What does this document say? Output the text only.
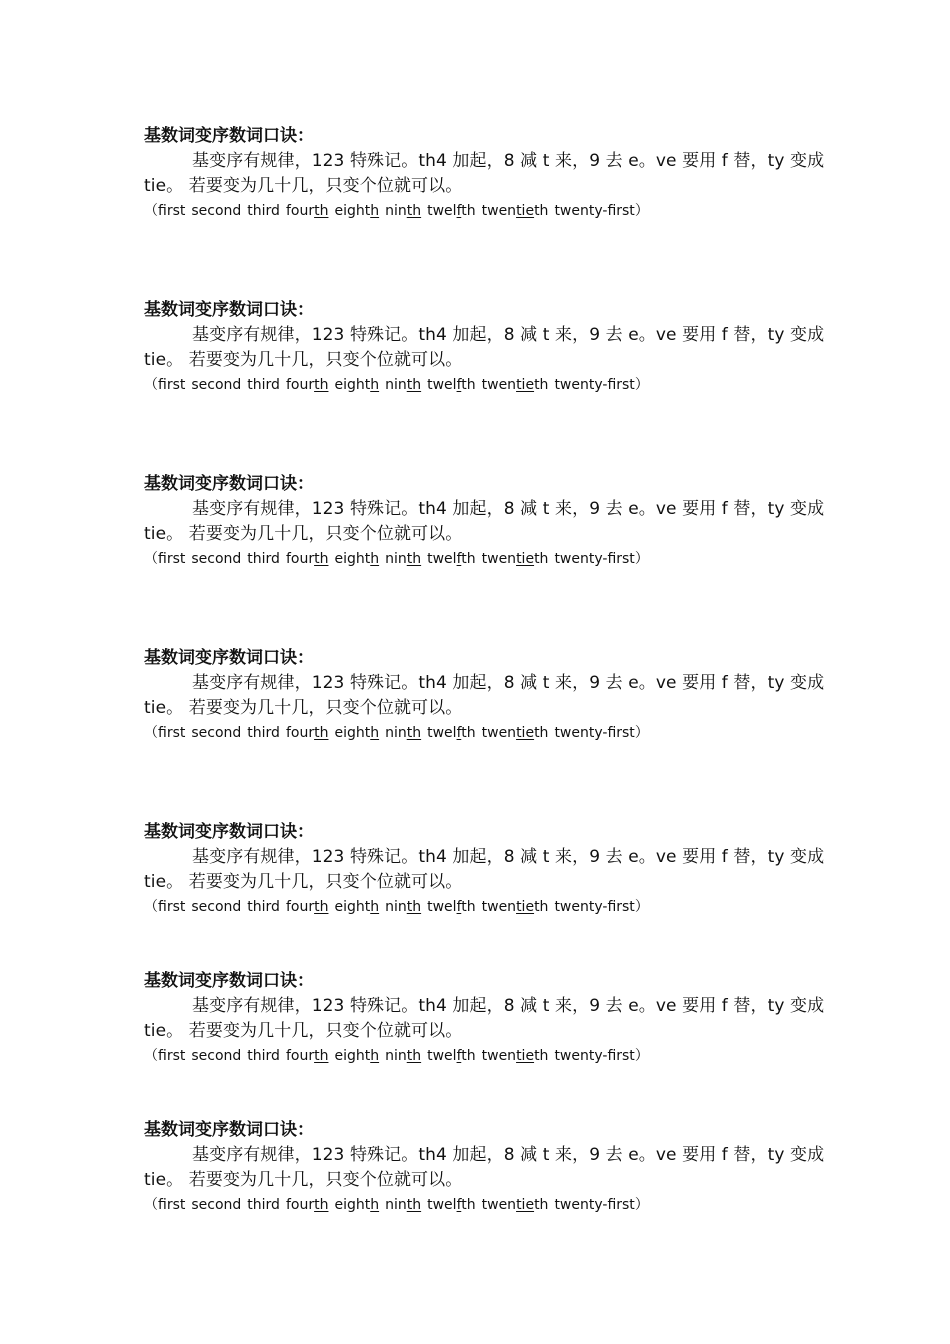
基数词变序数词口诀：
基变序有规律，123 特殊记。th4 加起，8 减 t 来，9 去 e。ve 要用 f 替，ty 变成
tie。 若要变为几十几，只变个位就可以。
（first second third fourth eighth ninth twelfth twentieth twenty-first）
基数词变序数词口诀：
基变序有规律，123 特殊记。th4 加起，8 减 t 来，9 去 e。ve 要用 f 替，ty 变成
tie。 若要变为几十几，只变个位就可以。
（first second third fourth eighth ninth twelfth twentieth twenty-first）
基数词变序数词口诀：
基变序有规律，123 特殊记。th4 加起，8 减 t 来，9 去 e。ve 要用 f 替，ty 变成
tie。 若要变为几十几，只变个位就可以。
（first second third fourth eighth ninth twelfth twentieth twenty-first）
基数词变序数词口诀：
基变序有规律，123 特殊记。th4 加起，8 减 t 来，9 去 e。ve 要用 f 替，ty 变成
tie。 若要变为几十几，只变个位就可以。
（first second third fourth eighth ninth twelfth twentieth twenty-first）
基数词变序数词口诀：
基变序有规律，123 特殊记。th4 加起，8 减 t 来，9 去 e。ve 要用 f 替，ty 变成
tie。 若要变为几十几，只变个位就可以。
（first second third fourth eighth ninth twelfth twentieth twenty-first）
基数词变序数词口诀：
基变序有规律，123 特殊记。th4 加起，8 减 t 来，9 去 e。ve 要用 f 替，ty 变成
tie。 若要变为几十几，只变个位就可以。
（first second third fourth eighth ninth twelfth twentieth twenty-first）
基数词变序数词口诀：
基变序有规律，123 特殊记。th4 加起，8 减 t 来，9 去 e。ve 要用 f 替，ty 变成
tie。 若要变为几十几，只变个位就可以。
（first second third fourth eighth ninth twelfth twentieth twenty-first）
